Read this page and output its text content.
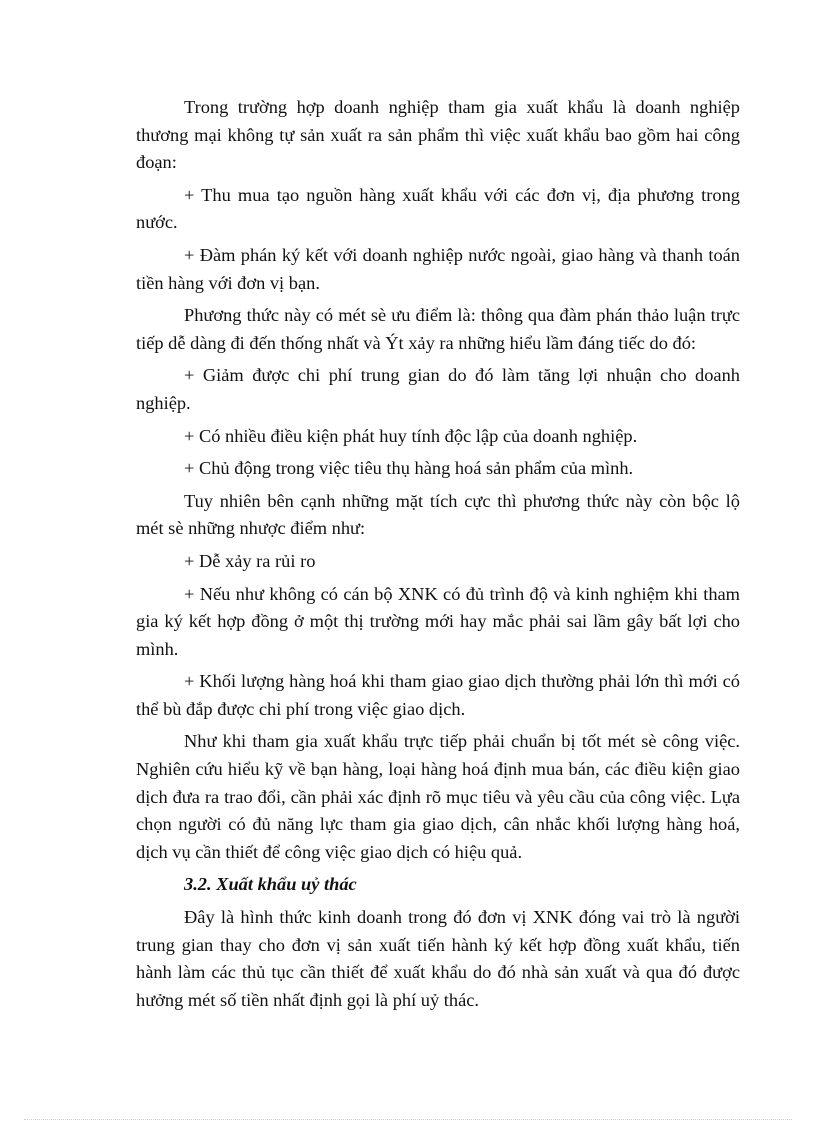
Trong trường hợp doanh nghiệp tham gia xuất khẩu là doanh nghiệp thương mại không tự sản xuất ra sản phẩm thì việc xuất khẩu bao gồm hai công đoạn:

+ Thu mua tạo nguồn hàng xuất khẩu với các đơn vị, địa phương trong nước.

+ Đàm phán ký kết với doanh nghiệp nước ngoài, giao hàng và thanh toán tiền hàng với đơn vị bạn.

Phương thức này có mét sè ưu điểm là: thông qua đàm phán thảo luận trực tiếp dễ dàng đi đến thống nhất và Ýt xảy ra những hiểu lầm đáng tiếc do đó:

+ Giảm được chi phí trung gian do đó làm tăng lợi nhuận cho doanh nghiệp.

+ Có nhiều điều kiện phát huy tính độc lập của doanh nghiệp.

+ Chủ động trong việc tiêu thụ hàng hoá sản phẩm của mình.

Tuy nhiên bên cạnh những mặt tích cực thì phương thức này còn bộc lộ mét sè những nhược điểm như:

+ Dễ xảy ra rủi ro

+ Nếu như không có cán bộ XNK có đủ trình độ và kinh nghiệm khi tham gia ký kết hợp đồng ở một thị trường mới hay mắc phải sai lầm gây bất lợi cho mình.

+ Khối lượng hàng hoá khi tham giao giao dịch thường phải lớn thì mới có thể bù đắp được chi phí trong việc giao dịch.

Như khi tham gia xuất khẩu trực tiếp phải chuẩn bị tốt mét sè công việc. Nghiên cứu hiểu kỹ về bạn hàng, loại hàng hoá định mua bán, các điều kiện giao dịch đưa ra trao đổi, cần phải xác định rõ mục tiêu và yêu cầu của công việc. Lựa chọn người có đủ năng lực tham gia giao dịch, cân nhắc khối lượng hàng hoá, dịch vụ cần thiết để công việc giao dịch có hiệu quả.

3.2. Xuất khẩu uỷ thác

Đây là hình thức kinh doanh trong đó đơn vị XNK đóng vai trò là người trung gian thay cho đơn vị sản xuất tiến hành ký kết hợp đồng xuất khẩu, tiến hành làm các thủ tục cần thiết để xuất khẩu do đó nhà sản xuất và qua đó được hưởng mét số tiền nhất định gọi là phí uỷ thác.
